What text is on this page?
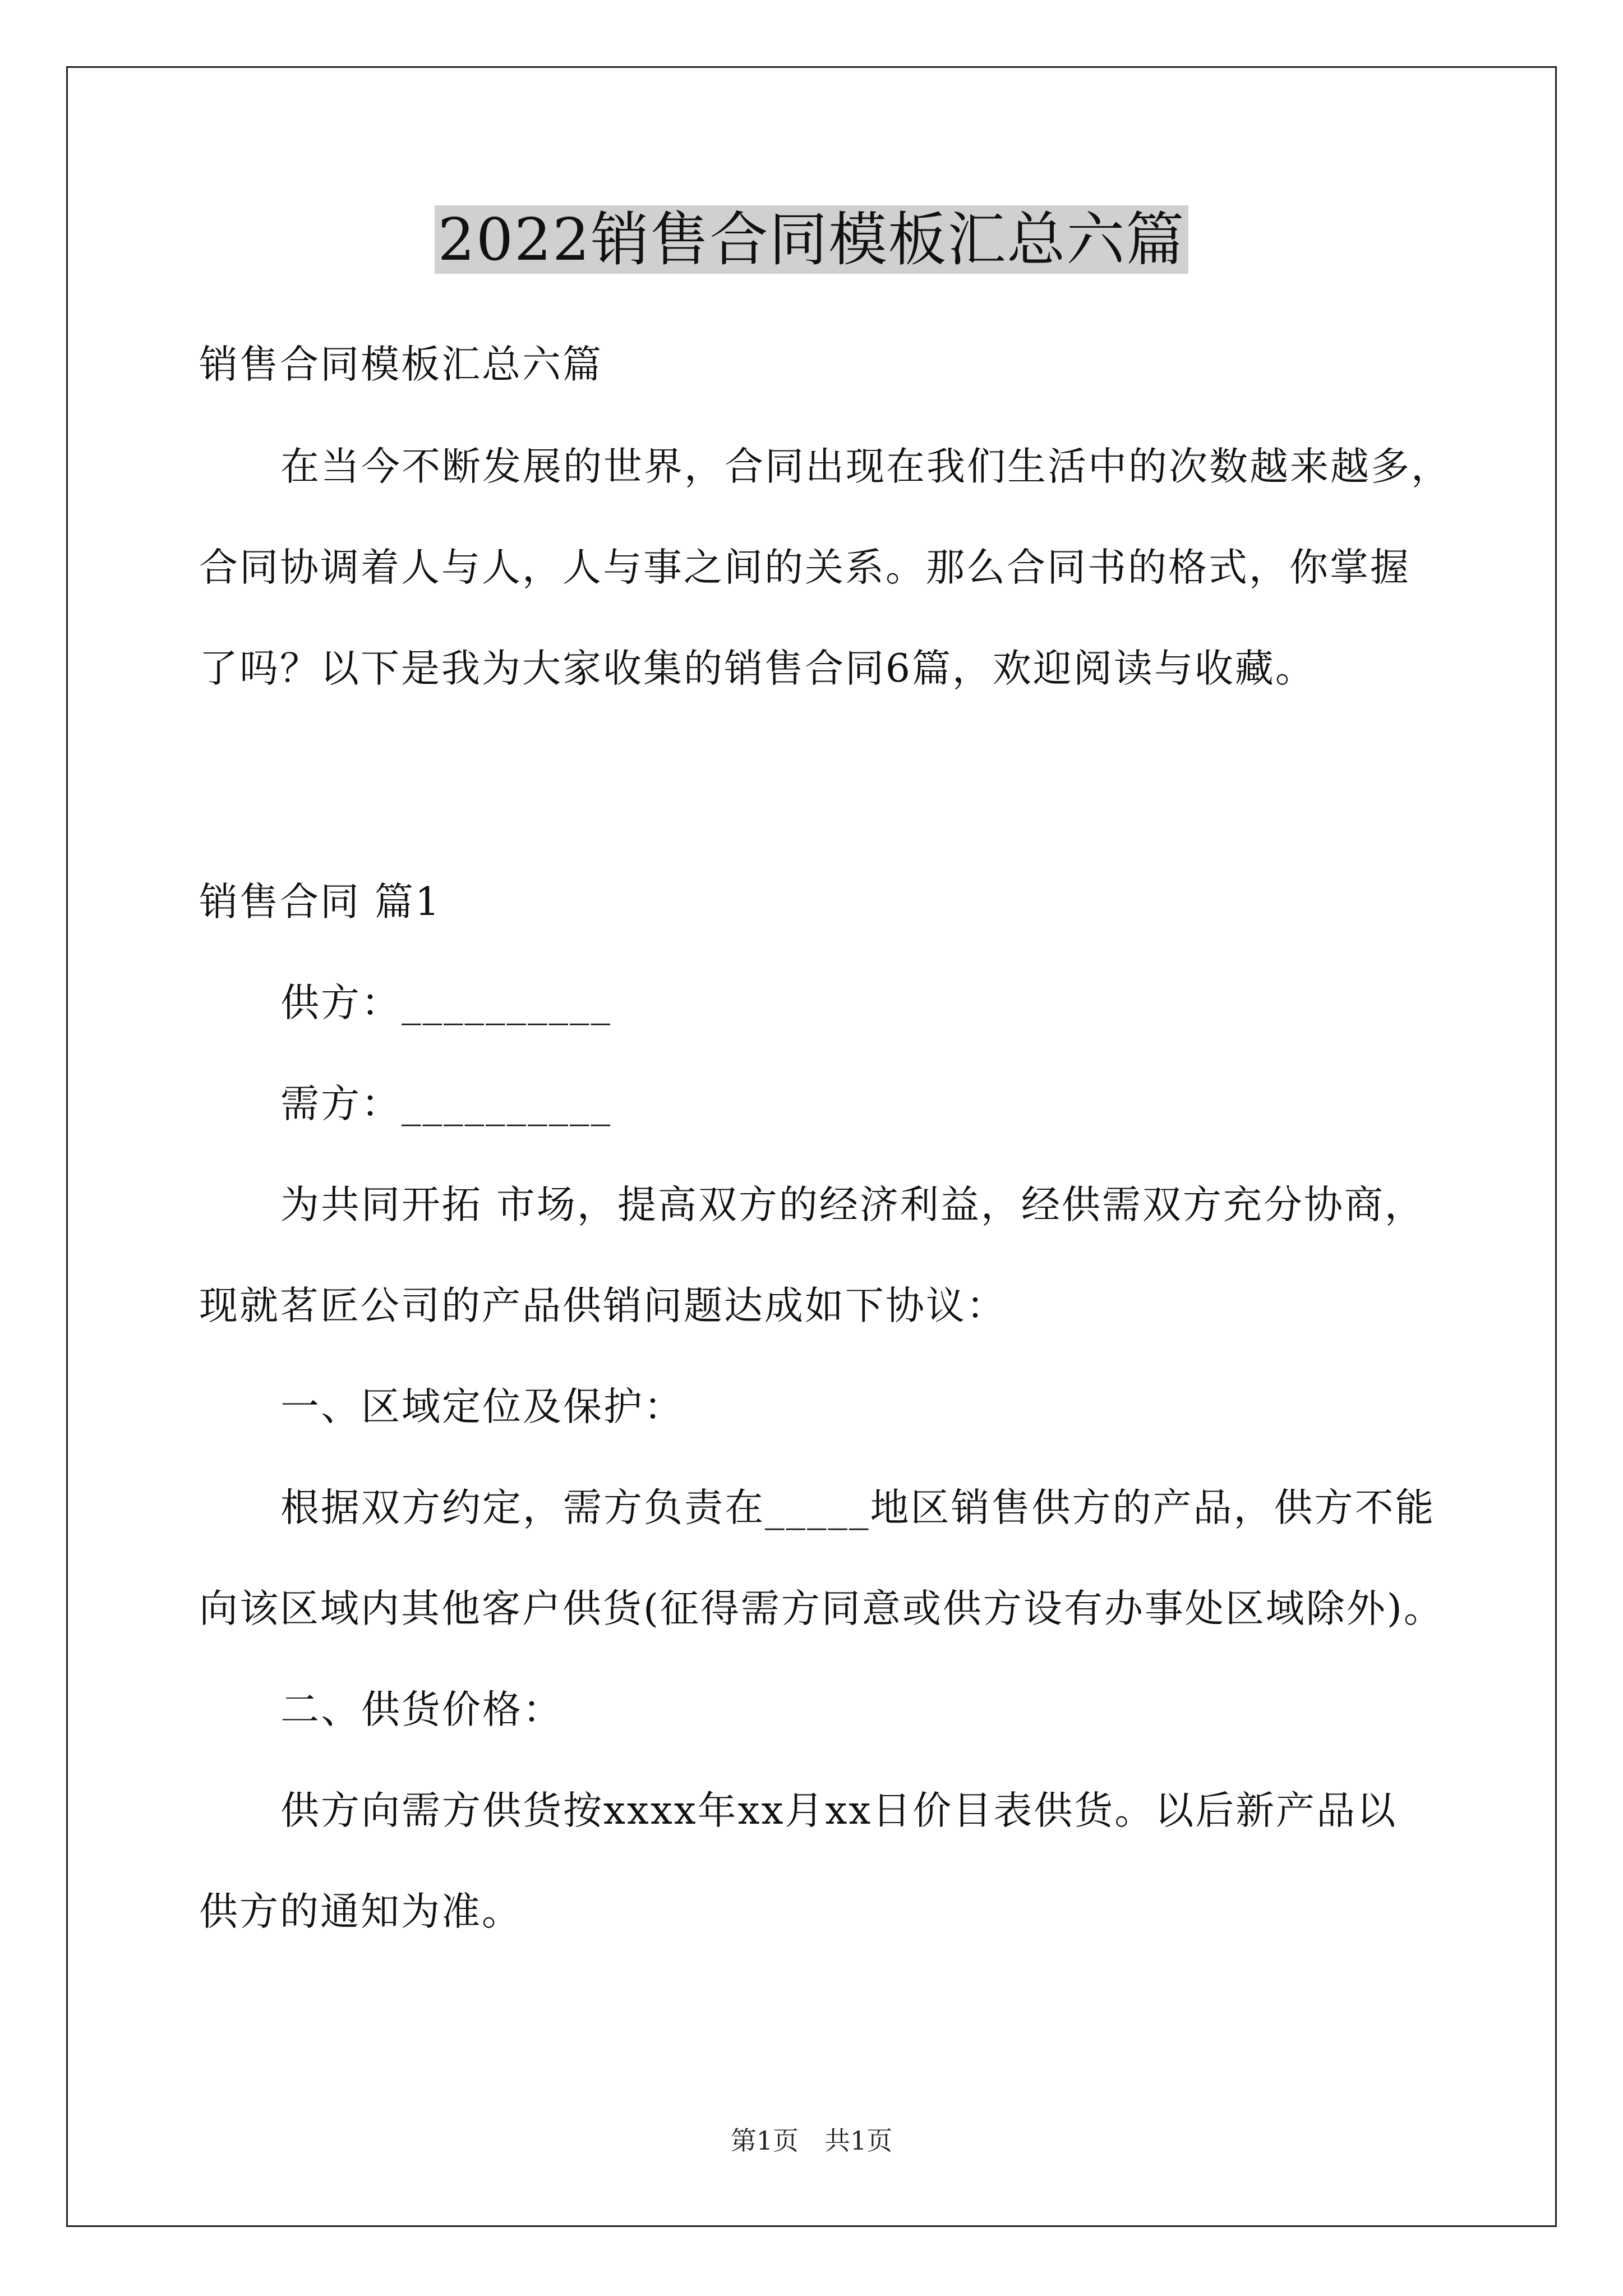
2022销售合同模板汇总六篇

销售合同模板汇总六篇

在当今不断发展的世界，合同出现在我们生活中的次数越来越多，

合同协调着人与人，人与事之间的关系。那么合同书的格式，你掌握

了吗？以下是我为大家收集的销售合同6篇，欢迎阅读与收藏。

销售合同 篇1

供方：__________

需方：__________

为共同开拓 市场，提高双方的经济利益，经供需双方充分协商，

现就茗匠公司的产品供销问题达成如下协议：

一、区域定位及保护：

根据双方约定，需方负责在_____地区销售供方的产品，供方不能

向该区域内其他客户供货(征得需方同意或供方设有办事处区域除外)。

二、供货价格：

供方向需方供货按xxxx年xx月xx日价目表供货。以后新产品以

供方的通知为准。

第1页　共1页
